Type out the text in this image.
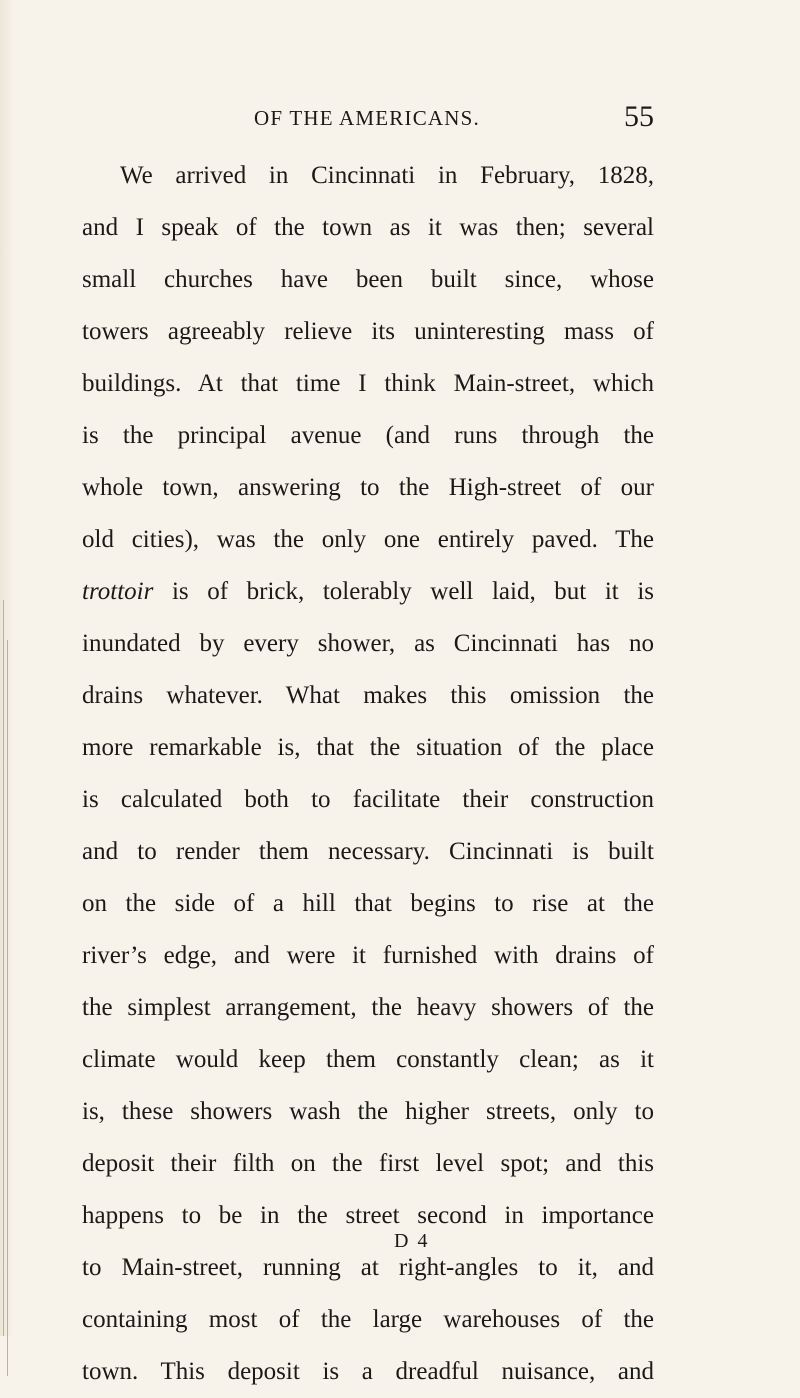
OF THE AMERICANS.	55
We arrived in Cincinnati in February, 1828,
and I speak of the town as it was then; several
small churches have been built since, whose
towers agreeably relieve its uninteresting mass of
buildings. At that time I think Main-street, which
is the principal avenue (and runs through the
whole town, answering to the High-street of our
old cities), was the only one entirely paved. The
trottoir is of brick, tolerably well laid, but it is
inundated by every shower, as Cincinnati has no
drains whatever. What makes this omission the
more remarkable is, that the situation of the place
is calculated both to facilitate their construction
and to render them necessary. Cincinnati is built
on the side of a hill that begins to rise at the
river’s edge, and were it furnished with drains of
the simplest arrangement, the heavy showers of the
climate would keep them constantly clean; as it
is, these showers wash the higher streets, only to
deposit their filth on the first level spot; and this
happens to be in the street second in importance
to Main-street, running at right-angles to it, and
containing most of the large warehouses of the
town. This deposit is a dreadful nuisance, and
D 4
